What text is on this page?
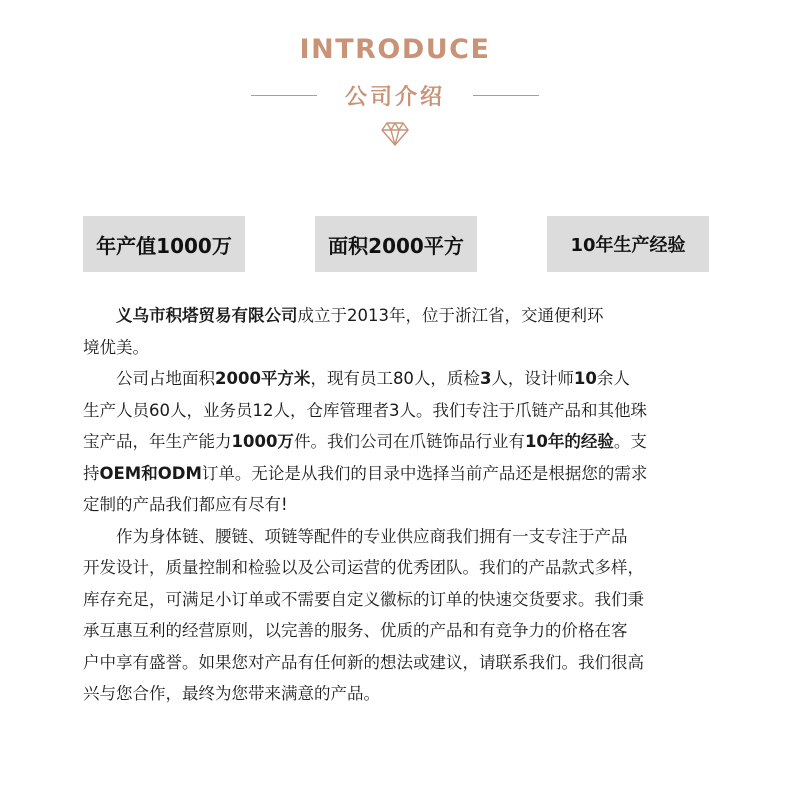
INTRODUCE
公司介绍
年产值1000万	面积2000平方	10年生产经验

义乌市积塔贸易有限公司成立于2013年，位于浙江省，交通便利环
境优美。

公司占地面积2000平方米，现有员工80人，质检3人，设计师10余人
生产人员60人，业务员12人，仓库管理者3人。我们专注于爪链产品和其他珠
宝产品，年生产能力1000万件。我们公司在爪链饰品行业有10年的经验。支
持OEM和ODM订单。无论是从我们的目录中选择当前产品还是根据您的需求
定制的产品我们都应有尽有!

作为身体链、腰链、项链等配件的专业供应商我们拥有一支专注于产品
开发设计，质量控制和检验以及公司运营的优秀团队。我们的产品款式多样，
库存充足，可满足小订单或不需要自定义徽标的订单的快速交货要求。我们秉
承互惠互利的经营原则，以完善的服务、优质的产品和有竞争力的价格在客
户中享有盛誉。如果您对产品有任何新的想法或建议，请联系我们。我们很高
兴与您合作，最终为您带来满意的产品。
